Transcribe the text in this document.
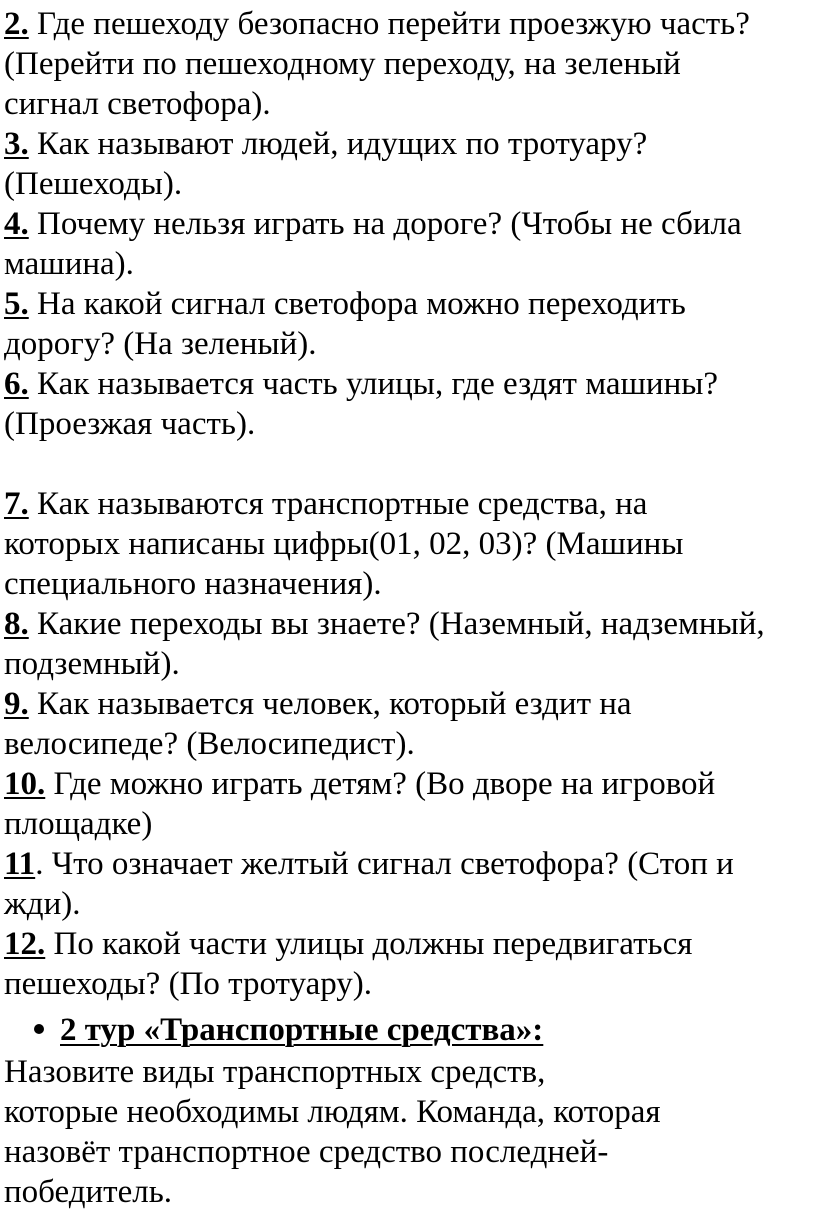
2. Где пешеходу безопасно перейти проезжую часть?
(Перейти по пешеходному переходу, на зеленый
сигнал светофора).
3. Как называют людей, идущих по тротуару?
(Пешеходы).
4. Почему нельзя играть на дороге? (Чтобы не сбила
машина).
5. На какой сигнал светофора можно переходить
дорогу? (На зеленый).
6. Как называется часть улицы, где ездят машины?
(Проезжая часть).
7. Как называются транспортные средства, на
которых написаны цифры(01, 02, 03)? (Машины
специального назначения).
8. Какие переходы вы знаете? (Наземный, надземный,
подземный).
9. Как называется человек, который ездит на
велосипеде? (Велосипедист).
10. Где можно играть детям? (Во дворе на игровой
площадке)
11. Что означает желтый сигнал светофора? (Стоп и
жди).
12. По какой части улицы должны передвигаться
пешеходы? (По тротуару).
2 тур «Транспортные средства»:
Назовите виды транспортных средств,
которые необходимы людям. Команда, которая
назовёт транспортное средство последней-
победитель.
